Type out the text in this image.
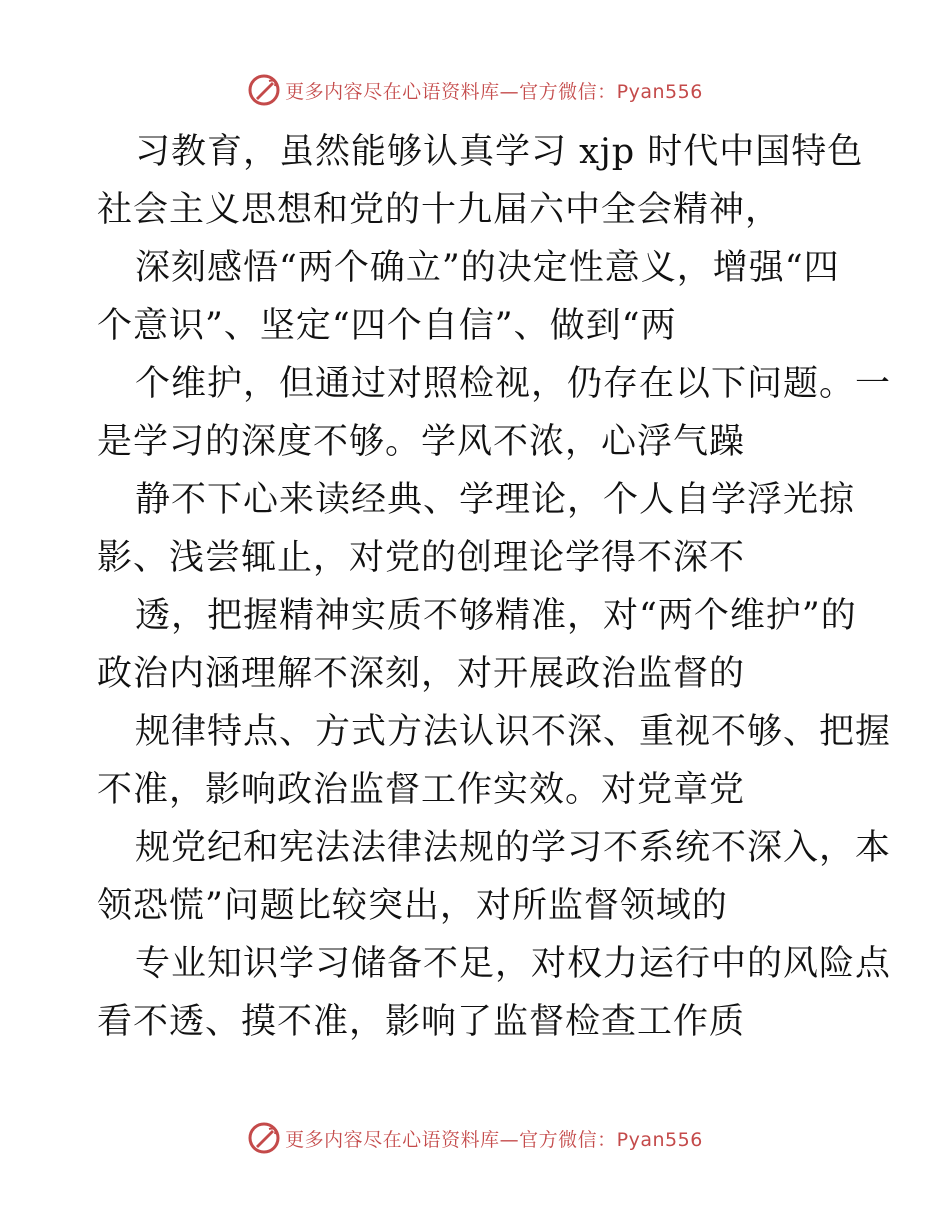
更多内容尽在心语资料库—官方微信：Pyan556
习教育，虽然能够认真学习 xjp 时代中国特色
社会主义思想和党的十九届六中全会精神，
深刻感悟“两个确立”的决定性意义，增强“四
个意识”、坚定“四个自信”、做到“两
个维护，但通过对照检视，仍存在以下问题。一
是学习的深度不够。学风不浓，心浮气躁
静不下心来读经典、学理论，个人自学浮光掠
影、浅尝辄止，对党的创理论学得不深不
透，把握精神实质不够精准，对“两个维护”的
政治内涵理解不深刻，对开展政治监督的
规律特点、方式方法认识不深、重视不够、把握
不准，影响政治监督工作实效。对党章党
规党纪和宪法法律法规的学习不系统不深入，本
领恐慌”问题比较突出，对所监督领域的
专业知识学习储备不足，对权力运行中的风险点
看不透、摸不准，影响了监督检查工作质
更多内容尽在心语资料库—官方微信：Pyan556
